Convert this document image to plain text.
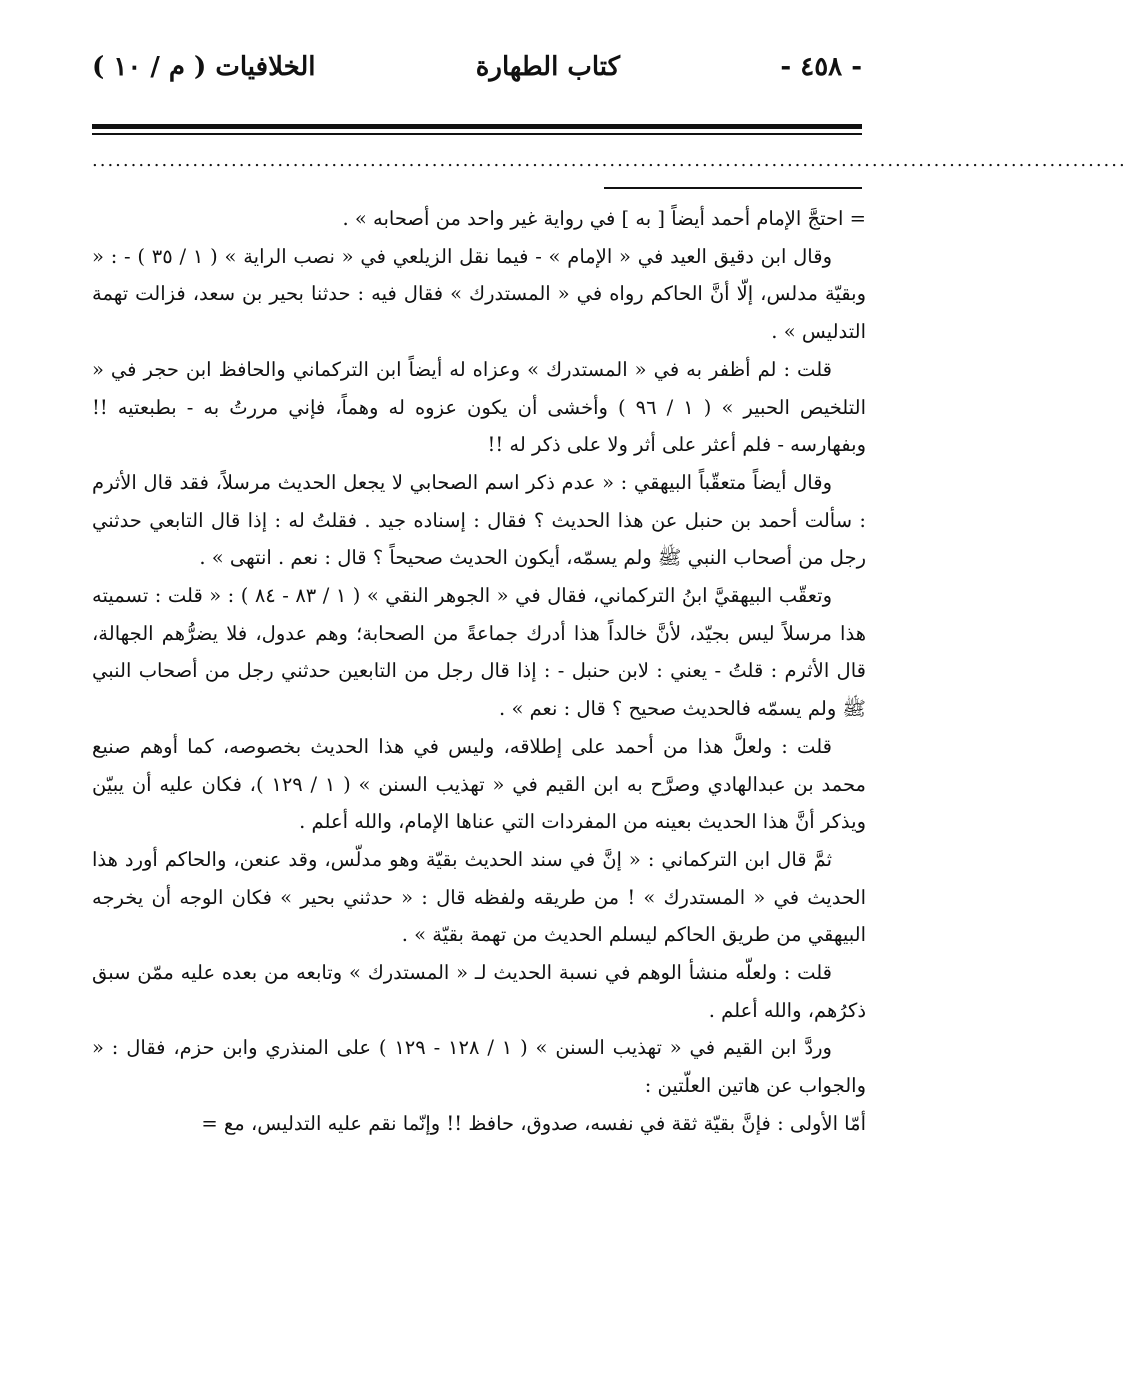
- ٤٥٨ -
كتاب الطهارة
الخلافيات ( م / ١٠ )
......................................................................................................................................

= احتجَّ الإمام أحمد أيضاً [ به ] في رواية غير واحد من أصحابه » .

وقال ابن دقيق العيد في « الإمام » - فيما نقل الزيلعي في « نصب الراية » ( ١ / ٣٥ ) - : « وبقيّة مدلس، إلّا أنَّ الحاكم رواه في « المستدرك » فقال فيه : حدثنا بحير بن سعد، فزالت تهمة التدليس » .

قلت : لم أظفر به في « المستدرك » وعزاه له أيضاً ابن التركماني والحافظ ابن حجر في « التلخيص الحبير » ( ١ / ٩٦ ) وأخشى أن يكون عزوه له وهماً، فإني مررتُ به - بطبعتيه !! وبفهارسه - فلم أعثر على أثر ولا على ذكر له !!

وقال أيضاً متعقّباً البيهقي : « عدم ذكر اسم الصحابي لا يجعل الحديث مرسلاً، فقد قال الأثرم : سألت أحمد بن حنبل عن هذا الحديث ؟ فقال : إسناده جيد . فقلتُ له : إذا قال التابعي حدثني رجل من أصحاب النبي ﷺ ولم يسمّه، أيكون الحديث صحيحاً ؟ قال : نعم . انتهى » .

وتعقّب البيهقيَّ ابنُ التركماني، فقال في « الجوهر النقي » ( ١ / ٨٣ - ٨٤ ) : « قلت : تسميته هذا مرسلاً ليس بجيّد، لأنَّ خالداً هذا أدرك جماعةً من الصحابة؛ وهم عدول، فلا يضرُّهم الجهالة، قال الأثرم : قلتُ - يعني : لابن حنبل - : إذا قال رجل من التابعين حدثني رجل من أصحاب النبي ﷺ ولم يسمّه فالحديث صحيح ؟ قال : نعم » .

قلت : ولعلَّ هذا من أحمد على إطلاقه، وليس في هذا الحديث بخصوصه، كما أوهم صنيع محمد بن عبدالهادي وصرَّح به ابن القيم في « تهذيب السنن » ( ١ / ١٢٩ )، فكان عليه أن يبيّن ويذكر أنَّ هذا الحديث بعينه من المفردات التي عناها الإمام، والله أعلم .

ثمَّ قال ابن التركماني : « إنَّ في سند الحديث بقيّة وهو مدلّس، وقد عنعن، والحاكم أورد هذا الحديث في « المستدرك » ! من طريقه ولفظه قال : « حدثني بحير » فكان الوجه أن يخرجه البيهقي من طريق الحاكم ليسلم الحديث من تهمة بقيّة » .

قلت : ولعلّه منشأ الوهم في نسبة الحديث لـ « المستدرك » وتابعه من بعده عليه ممّن سبق ذكرُهم، والله أعلم .

وردَّ ابن القيم في « تهذيب السنن » ( ١ / ١٢٨ - ١٢٩ ) على المنذري وابن حزم، فقال : « والجواب عن هاتين العلّتين :

أمّا الأولى : فإنَّ بقيّة ثقة في نفسه، صدوق، حافظ !! وإنّما نقم عليه التدليس، مع =
